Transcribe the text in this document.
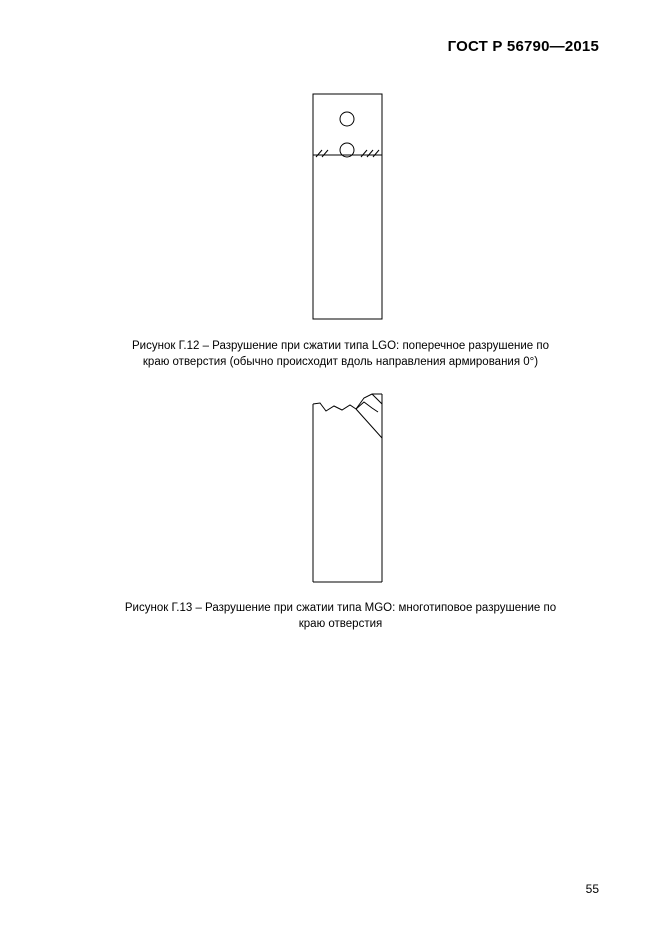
ГОСТ Р 56790—2015
Рисунок Г.12 – Разрушение при сжатии типа LGO: поперечное разрушение по
краю отверстия (обычно происходит вдоль направления армирования 0°)
Рисунок Г.13 – Разрушение при сжатии типа MGO: многотиповое разрушение по
краю отверстия
55
